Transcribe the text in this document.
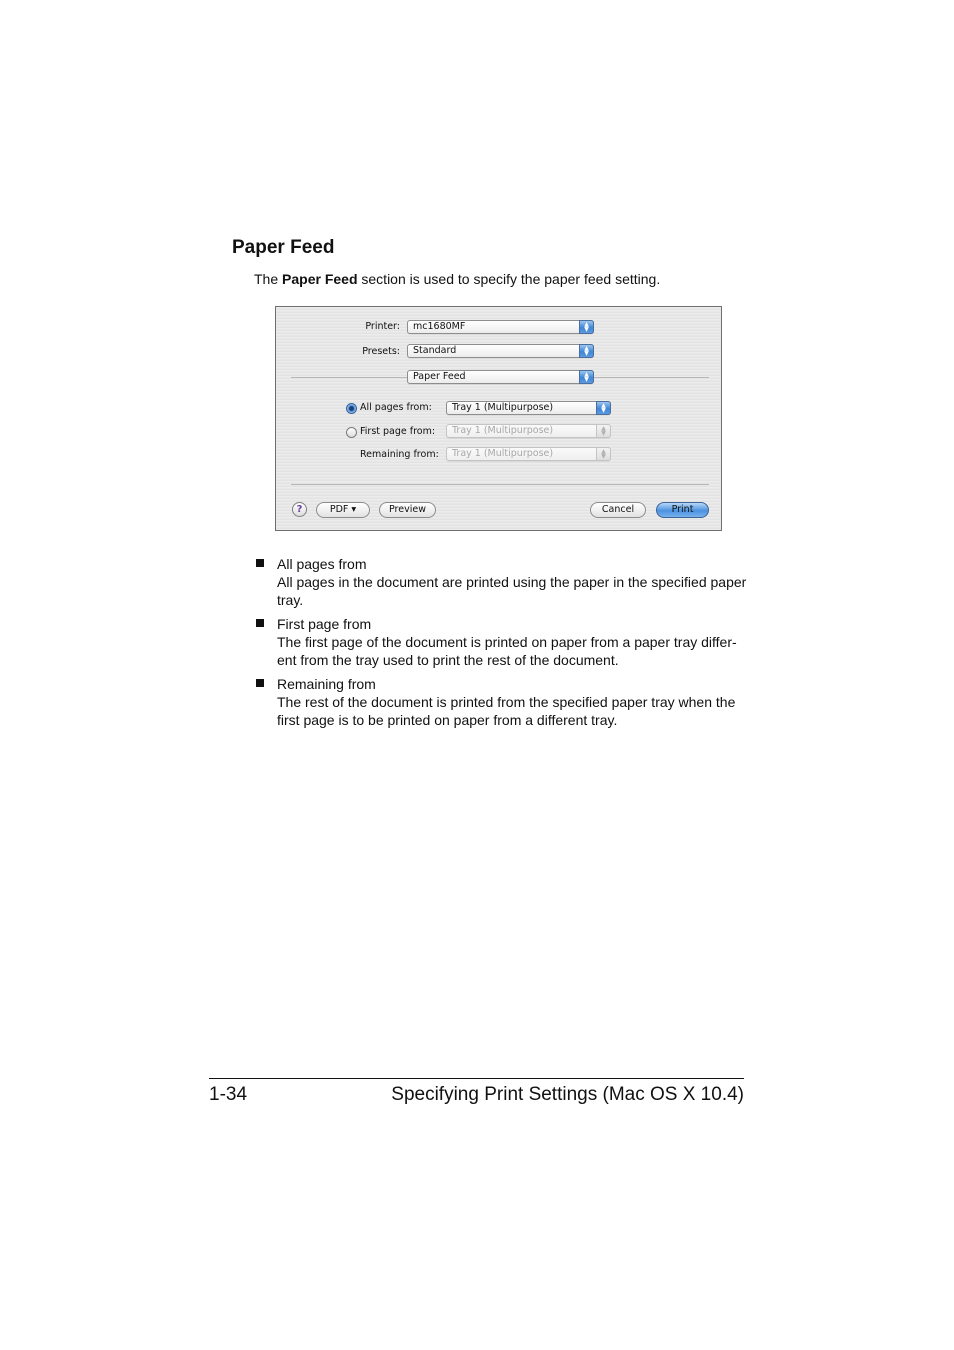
Paper Feed
The Paper Feed section is used to specify the paper feed setting.
Printer:	mc1680MF	▲
▼
Presets:	Standard	▲
▼
Paper Feed	▲
▼
All pages from:	Tray 1 (Multipurpose)	▲
▼
First page from:	Tray 1 (Multipurpose)	▲
▼
Remaining from:	Tray 1 (Multipurpose)	▲
▼
?	PDF ▾	Preview	Cancel	Print
All pages from
All pages in the document are printed using the paper in the specified paper tray.
First page from
The first page of the document is printed on paper from a paper tray differ-ent from the tray used to print the rest of the document.
Remaining from
The rest of the document is printed from the specified paper tray when the first page is to be printed on paper from a different tray.
1-34	Specifying Print Settings (Mac OS X 10.4)
